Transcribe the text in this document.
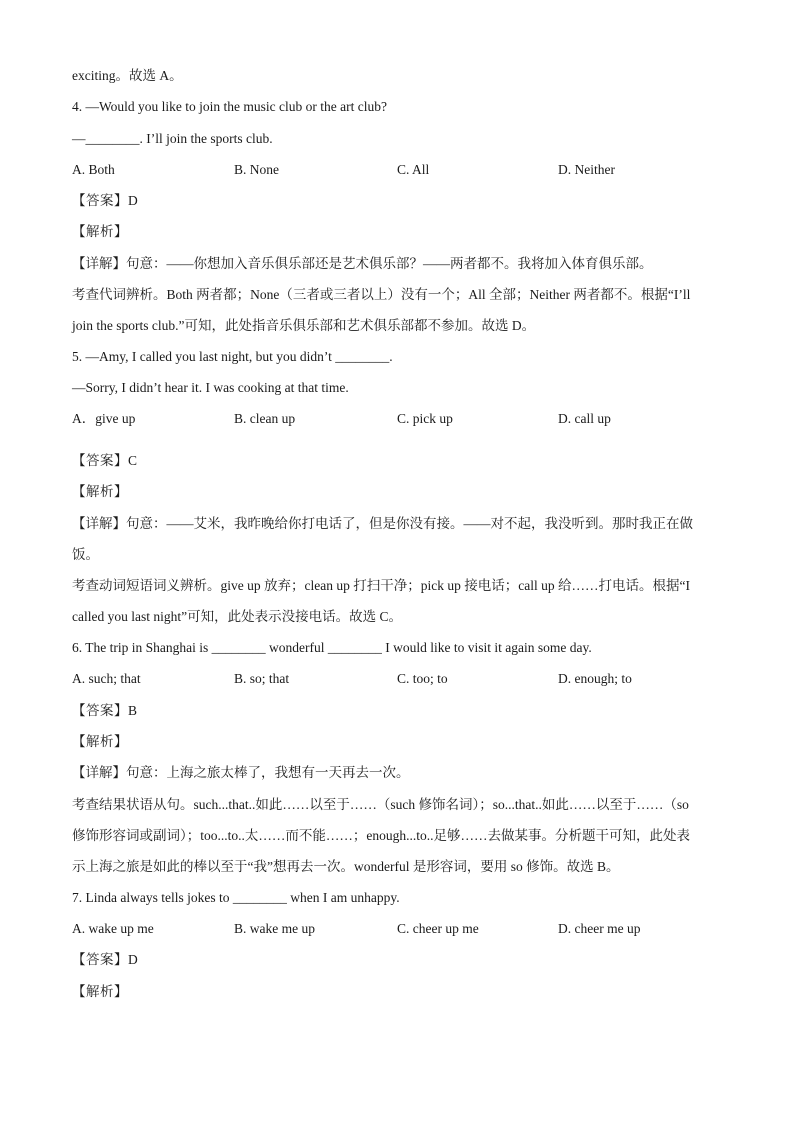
exciting。故选 A。
4. —Would you like to join the music club or the art club?
—________. I’ll join the sports club.
A. Both	B. None	C. All	D. Neither
【答案】D
【解析】
【详解】句意：——你想加入音乐俱乐部还是艺术俱乐部？——两者都不。我将加入体育俱乐部。
考查代词辨析。Both 两者都；None（三者或三者以上）没有一个；All 全部；Neither 两者都不。根据“I’ll
join the sports club.”可知，此处指音乐俱乐部和艺术俱乐部都不参加。故选 D。
5. —Amy, I called you last night, but you didn’t ________.
—Sorry, I didn’t hear it. I was cooking at that time.
A．give up	B. clean up	C. pick up	D. call up
【答案】C
【解析】
【详解】句意：——艾米，我昨晚给你打电话了，但是你没有接。——对不起，我没听到。那时我正在做
饭。
考查动词短语词义辨析。give up 放弃；clean up 打扫干净；pick up 接电话；call up 给……打电话。根据“I
called you last night”可知，此处表示没接电话。故选 C。
6. The trip in Shanghai is ________ wonderful ________ I would like to visit it again some day.
A. such; that	B. so; that	C. too; to	D. enough; to
【答案】B
【解析】
【详解】句意：上海之旅太棒了，我想有一天再去一次。
考查结果状语从句。such...that..如此……以至于……（such 修饰名词）；so...that..如此……以至于……（so
修饰形容词或副词）；too...to..太……而不能……；enough...to..足够……去做某事。分析题干可知，此处表
示上海之旅是如此的棒以至于“我”想再去一次。wonderful 是形容词，要用 so 修饰。故选 B。
7. Linda always tells jokes to ________ when I am unhappy.
A. wake up me	B. wake me up	C. cheer up me	D. cheer me up
【答案】D
【解析】
